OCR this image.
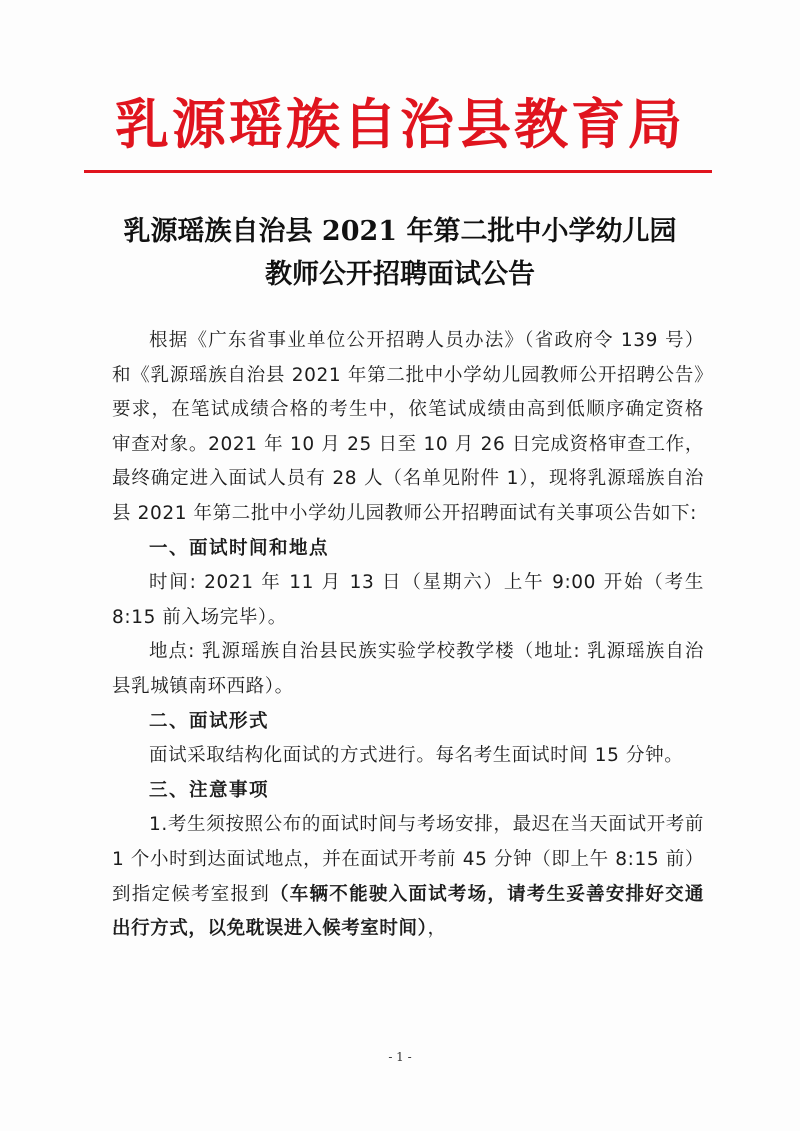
乳源瑶族自治县教育局
乳源瑶族自治县 2021 年第二批中小学幼儿园
教师公开招聘面试公告

根据《广东省事业单位公开招聘人员办法》（省政府令 139 号）和《乳源瑶族自治县 2021 年第二批中小学幼儿园教师公开招聘公告》要求，在笔试成绩合格的考生中，依笔试成绩由高到低顺序确定资格审查对象。2021 年 10 月 25 日至 10 月 26 日完成资格审查工作，最终确定进入面试人员有 28 人（名单见附件 1），现将乳源瑶族自治县 2021 年第二批中小学幼儿园教师公开招聘面试有关事项公告如下:

一、面试时间和地点

时间: 2021 年 11 月 13 日（星期六）上午 9:00 开始（考生 8:15 前入场完毕）。

地点: 乳源瑶族自治县民族实验学校教学楼（地址: 乳源瑶族自治县乳城镇南环西路）。

二、面试形式

面试采取结构化面试的方式进行。每名考生面试时间 15 分钟。

三、注意事项

1.考生须按照公布的面试时间与考场安排，最迟在当天面试开考前 1 个小时到达面试地点，并在面试开考前 45 分钟（即上午 8:15 前）到指定候考室报到（车辆不能驶入面试考场，请考生妥善安排好交通出行方式，以免耽误进入候考室时间），

- 1 -
